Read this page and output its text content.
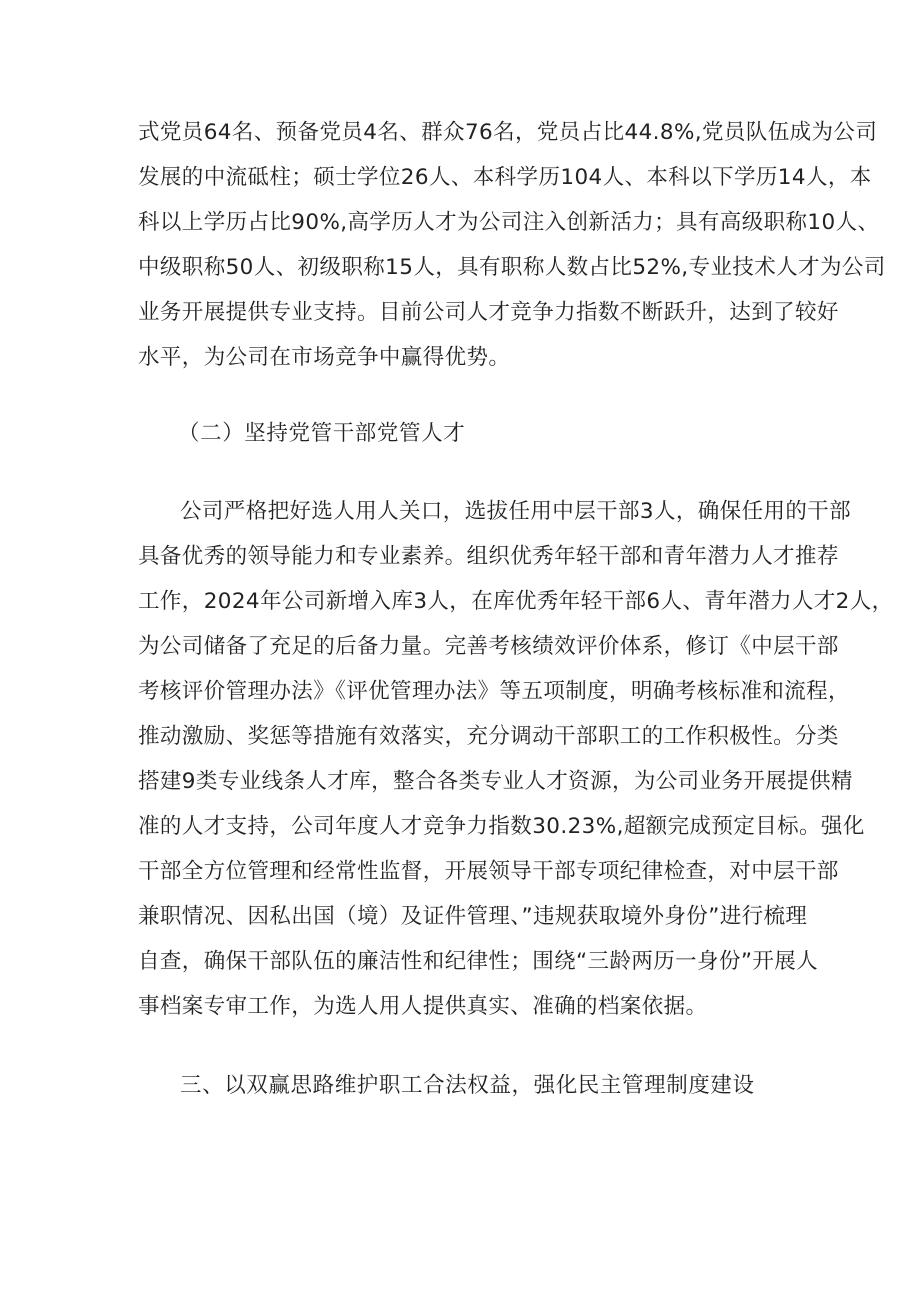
式党员64名、预备党员4名、群众76名，党员占比44.8%,党员队伍成为公司

发展的中流砥柱；硕士学位26人、本科学历104人、本科以下学历14人，本

科以上学历占比90%,高学历人才为公司注入创新活力；具有高级职称10人、

中级职称50人、初级职称15人，具有职称人数占比52%,专业技术人才为公司

业务开展提供专业支持。目前公司人才竞争力指数不断跃升，达到了较好

水平，为公司在市场竞争中赢得优势。

（二）坚持党管干部党管人才

公司严格把好选人用人关口，选拔任用中层干部3人，确保任用的干部

具备优秀的领导能力和专业素养。组织优秀年轻干部和青年潜力人才推荐

工作，2024年公司新增入库3人，在库优秀年轻干部6人、青年潜力人才2人，

为公司储备了充足的后备力量。完善考核绩效评价体系，修订《中层干部

考核评价管理办法》《评优管理办法》等五项制度，明确考核标准和流程，

推动激励、奖惩等措施有效落实，充分调动干部职工的工作积极性。分类

搭建9类专业线条人才库，整合各类专业人才资源，为公司业务开展提供精

准的人才支持，公司年度人才竞争力指数30.23%,超额完成预定目标。强化

干部全方位管理和经常性监督，开展领导干部专项纪律检查，对中层干部

兼职情况、因私出国（境）及证件管理、”违规获取境外身份”进行梳理

自查，确保干部队伍的廉洁性和纪律性；围绕“三龄两历一身份”开展人

事档案专审工作，为选人用人提供真实、准确的档案依据。

三、以双赢思路维护职工合法权益，强化民主管理制度建设
